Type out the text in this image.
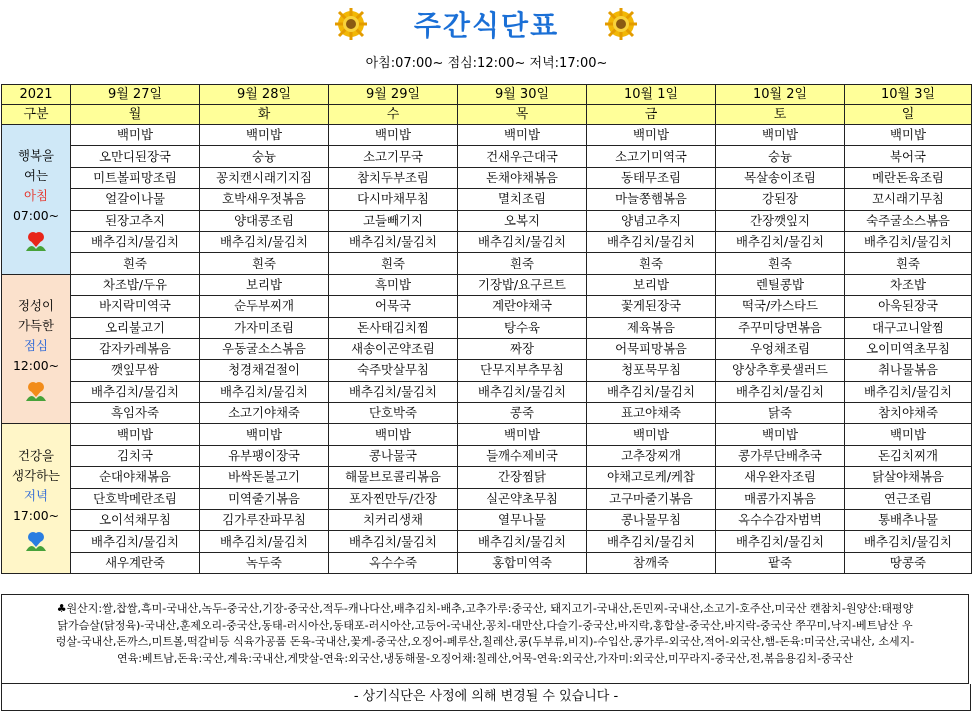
주간식단표
아침:07:00~ 점심:12:00~ 저녁:17:00~
2021	9월 27일	9월 28일	9월 29일	9월 30일	10월 1일	10월 2일	10월 3일
구분	월	화	수	목	금	토	일

행복을
여는
아침
07:00~	백미밥	백미밥	백미밥	백미밥	백미밥	백미밥	백미밥
	오만디된장국	숭늉	소고기무국	건새우근대국	소고기미역국	숭늉	북어국
	미트볼피망조림	꽁치캔시래기지짐	참치두부조림	돈채야채볶음	동태무조림	목살송이조림	메란돈육조림
	얼갈이나물	호박새우젓볶음	다시마채무침	멸치조림	마늘쫑햄볶음	강된장	꼬시래기무침
	된장고추지	양대콩조림	고들빼기지	오복지	양념고추지	간장깻잎지	숙주굴소스볶음
	배추김치/물김치	배추김치/물김치	배추김치/물김치	배추김치/물김치	배추김치/물김치	배추김치/물김치	배추김치/물김치
	흰죽	흰죽	흰죽	흰죽	흰죽	흰죽	흰죽

정성이
가득한
점심
12:00~	차조밥/두유	보리밥	흑미밥	기장밥/요구르트	보리밥	렌틸콩밥	차조밥
	바지락미역국	순두부찌개	어묵국	계란야채국	꽃게된장국	떡국/카스타드	아욱된장국
	오리불고기	가자미조림	돈사태김치찜	탕수육	제육볶음	주꾸미당면볶음	대구고니알찜
	감자카레볶음	우동굴소스볶음	새송이곤약조림	짜장	어묵피망볶음	우엉채조림	오이미역초무침
	깻잎무쌈	청경채겉절이	숙주맛살무침	단무지부추무침	청포묵무침	양상추후룻샐러드	취나물볶음
	배추김치/물김치	배추김치/물김치	배추김치/물김치	배추김치/물김치	배추김치/물김치	배추김치/물김치	배추김치/물김치
	흑임자죽	소고기야채죽	단호박죽	콩죽	표고야채죽	닭죽	참치야채죽

건강을
생각하는
저녁
17:00~	백미밥	백미밥	백미밥	백미밥	백미밥	백미밥	백미밥
	김치국	유부팽이장국	콩나물국	들깨수제비국	고추장찌개	콩가루단배추국	돈김치찌개
	순대야채볶음	바싹돈불고기	해물브로콜리볶음	간장찜닭	야채고로케/케찹	새우완자조림	닭살야채볶음
	단호박메란조림	미역줄기볶음	포자찐만두/간장	실곤약초무침	고구마줄기볶음	매콤가지볶음	연근조림
	오이석채무침	김가루잔파무침	치커리생채	열무나물	콩나물무침	옥수수감자범벅	통배추나물
	배추김치/물김치	배추김치/물김치	배추김치/물김치	배추김치/물김치	배추김치/물김치	배추김치/물김치	배추김치/물김치
	새우계란죽	녹두죽	옥수수죽	홍합미역죽	참깨죽	팥죽	땅콩죽
♣원산지:쌀,찹쌀,흑미-국내산,녹두-중국산,기장-중국산,적두-캐나다산,배추김치-배추,고추가루:중국산, 돼지고기-국내산,돈민찌-국내산,소고기-호주산,미국산 캔참치-원양산:태평양
닭가슴살(닭정육)-국내산,훈제오리-중국산,동태-러시아산,동태포-러시아산,고등어-국내산,꽁치-대만산,다슬기-중국산,바지락,홍합살-중국산,바지락-중국산 쭈꾸미,낙지-베트남산 우
렁살-국내산,돈까스,미트볼,떡갈비등 식육가공품 돈육-국내산,꽃게-중국산,오징어-페루산,칠레산,콩(두부류,비지)-수입산,콩가루-외국산,적어-외국산,햄-돈육:미국산,국내산, 소세지-
연육:베트남,돈육:국산,계육:국내산,게맛살-연육:외국산,냉동해물-오징어채:칠레산,어묵-연육:외국산,가자미:외국산,미꾸라지-중국산,전,볶음용김치-중국산
- 상기식단은 사정에 의해 변경될 수 있습니다 -
